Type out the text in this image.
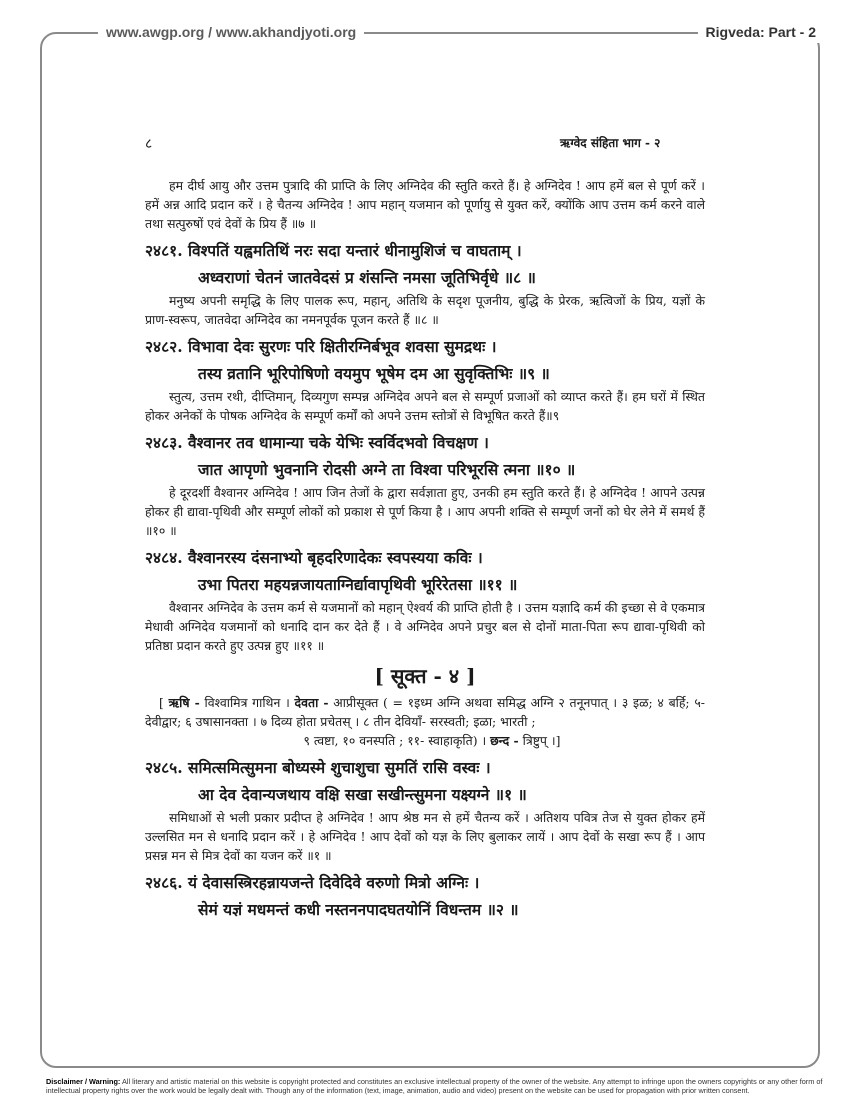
www.awgp.org / www.akhandjyoti.org	Rigveda: Part - 2
८	ऋग्वेद संहिता भाग - २

हम दीर्घ आयु और उत्तम पुत्रादि की प्राप्ति के लिए अग्निदेव की स्तुति करते हैं। हे अग्निदेव ! आप हमें बल से पूर्ण करें । हमें अन्न आदि प्रदान करें । हे चैतन्य अग्निदेव ! आप महान् यजमान को पूर्णायु से युक्त करें, क्योंकि आप उत्तम कर्म करने वाले तथा सत्पुरुषों एवं देवों के प्रिय हैं ॥७ ॥

२४८१. विश्पतिं यह्वमतिथिं नरः सदा यन्तारं धीनामुशिजं च वाघताम् ।

अध्वराणां चेतनं जातवेदसं प्र शंसन्ति नमसा जूतिभिर्वृधे ॥८ ॥

मनुष्य अपनी समृद्धि के लिए पालक रूप, महान्, अतिथि के सदृश पूजनीय, बुद्धि के प्रेरक, ऋत्विजों के प्रिय, यज्ञों के प्राण-स्वरूप, जातवेदा अग्निदेव का नमनपूर्वक पूजन करते हैं ॥८ ॥

२४८२. विभावा देवः सुरणः परि क्षितीरग्निर्बभूव शवसा सुमद्रथः ।

तस्य व्रतानि भूरिपोषिणो वयमुप भूषेम दम आ सुवृक्तिभिः ॥९ ॥

स्तुत्य, उत्तम रथी, दीप्तिमान्, दिव्यगुण सम्पन्न अग्निदेव अपने बल से सम्पूर्ण प्रजाओं को व्याप्त करते हैं। हम घरों में स्थित होकर अनेकों के पोषक अग्निदेव के सम्पूर्ण कर्मों को अपने उत्तम स्तोत्रों से विभूषित करते हैं॥९

२४८३. वैश्वानर तव धामान्या चके येभिः स्वर्विदभवो विचक्षण ।

जात आपृणो भुवनानि रोदसी अग्ने ता विश्वा परिभूरसि त्मना ॥१० ॥

हे दूरदर्शी वैश्वानर अग्निदेव ! आप जिन तेजों के द्वारा सर्वज्ञाता हुए, उनकी हम स्तुति करते हैं। हे अग्निदेव ! आपने उत्पन्न होकर ही द्यावा-पृथिवी और सम्पूर्ण लोकों को प्रकाश से पूर्ण किया है । आप अपनी शक्ति से सम्पूर्ण जनों को घेर लेने में समर्थ हैं ॥१० ॥

२४८४. वैश्वानरस्य दंसनाभ्यो बृहदरिणादेकः स्वपस्यया कविः ।

उभा पितरा महयन्नजायताग्निर्द्यावापृथिवी भूरिरेतसा ॥११ ॥

वैश्वानर अग्निदेव के उत्तम कर्म से यजमानों को महान् ऐश्वर्य की प्राप्ति होती है । उत्तम यज्ञादि कर्म की इच्छा से वे एकमात्र मेधावी अग्निदेव यजमानों को धनादि दान कर देते हैं । वे अग्निदेव अपने प्रचुर बल से दोनों माता-पिता रूप द्यावा-पृथिवी को प्रतिष्ठा प्रदान करते हुए उत्पन्न हुए ॥११ ॥

[ सूक्त - ४ ]

[ ऋषि - विश्वामित्र गाथिन । देवता - आप्रीसूक्त ( = १इध्म अग्नि अथवा समिद्ध अग्नि २ तनूनपात् । ३ इळ; ४ बर्हि; ५- देवीद्वार; ६ उषासानक्ता । ७ दिव्य होता प्रचेतस् । ८ तीन देवियाँ- सरस्वती; इळा; भारती ;
९ त्वष्टा, १० वनस्पति ; ११- स्वाहाकृति) । छन्द - त्रिष्टुप् ।]

२४८५. समित्समित्सुमना बोध्यस्मे शुचाशुचा सुमतिं रासि वस्वः ।

आ देव देवान्यजथाय वक्षि सखा सखीन्त्सुमना यक्ष्यग्ने ॥१ ॥

समिधाओं से भली प्रकार प्रदीप्त हे अग्निदेव ! आप श्रेष्ठ मन से हमें चैतन्य करें । अतिशय पवित्र तेज से युक्त होकर हमें उल्लसित मन से धनादि प्रदान करें । हे अग्निदेव ! आप देवों को यज्ञ के लिए बुलाकर लायें । आप देवों के सखा रूप हैं । आप प्रसन्न मन से मित्र देवों का यजन करें ॥१ ॥

२४८६. यं देवासस्त्रिरहन्नायजन्ते दिवेदिवे वरुणो मित्रो अग्निः ।

सेमं यज्ञं मधमन्तं कधी नस्तननपादघतयोनिं विधन्तम ॥२ ॥

Disclaimer / Warning: All literary and artistic material on this website is copyright protected and constitutes an exclusive intellectual property of the owner of the website. Any attempt to infringe upon the owners copyrights or any other form of intellectual property rights over the work would be legally dealt with. Though any of the information (text, image, animation, audio and video) present on the website can be used for propagation with prior written consent.
